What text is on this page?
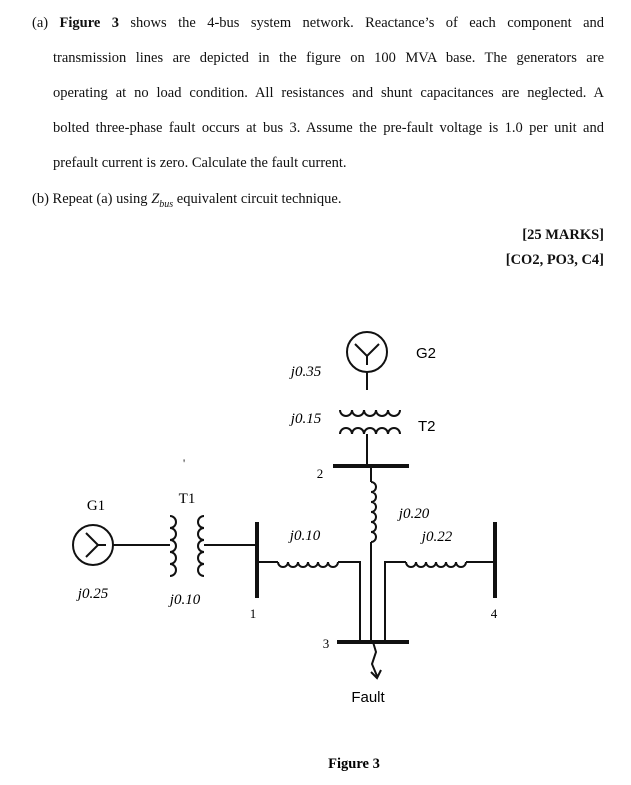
(a) Figure 3 shows the 4-bus system network. Reactance’s of each component and
transmission lines are depicted in the figure on 100 MVA base. The generators are
operating at no load condition. All resistances and shunt capacitances are neglected. A
bolted three-phase fault occurs at bus 3. Assume the pre-fault voltage is 1.0 per unit and
prefault current is zero. Calculate the fault current.
(b) Repeat (a) using $Z_{bus}$ equivalent circuit technique.
[25 MARKS]
[CO2, PO3, C4]
'
G1
j0.25
T1
j0.10
1
G2
j0.35
T2
j0.15
2
j0.10
j0.20
j0.22
4
3
Fault
Figure 3
